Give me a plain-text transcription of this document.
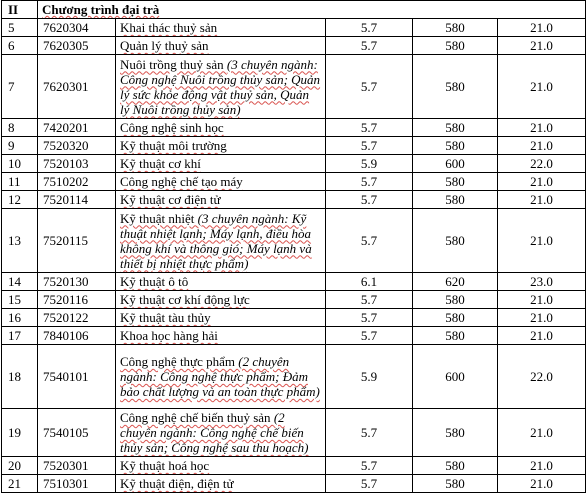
II	Chương trình đại trà				
5	7620304	Khai thác thuỷ sản	5.7	580	21.0
6	7620305	Quản lý thuỷ sản	5.7	580	21.0
7	7620301	Nuôi trồng thuỷ sản (3 chuyên ngành: Công nghệ Nuôi trồng thủy sản; Quản lý sức khỏe động vật thuỷ sản, Quản lý Nuôi trồng thủy sản)	5.7	580	21.0
8	7420201	Công nghệ sinh học	5.7	580	21.0
9	7520320	Kỹ thuật môi trường	5.7	580	21.0
10	7520103	Kỹ thuật cơ khí	5.9	600	22.0
11	7510202	Công nghệ chế tạo máy	5.7	580	21.0
12	7520114	Kỹ thuật cơ điện tử	5.7	580	21.0
13	7520115	Kỹ thuật nhiệt (3 chuyên ngành: Kỹ thuật nhiệt lạnh; Máy lạnh, điều hòa không khí và thông gió; Máy lạnh và thiết bị nhiệt thực phẩm)	5.7	580	21.0
14	7520130	Kỹ thuật ô tô	6.1	620	23.0
15	7520116	Kỹ thuật cơ khí động lực	5.7	580	21.0
16	7520122	Kỹ thuật tàu thủy	5.7	580	21.0
17	7840106	Khoa học hàng hải	5.7	580	21.0
18	7540101	Công nghệ thực phẩm (2 chuyên ngành: Công nghệ thực phẩm; Đảm bảo chất lượng và an toàn thực phẩm)	5.9	600	22.0
19	7540105	Công nghệ chế biến thuỷ sản (2 chuyên ngành: Công nghệ chế biến thủy sản; Công nghệ sau thu hoạch)	5.7	580	21.0
20	7520301	Kỹ thuật hoá học	5.7	580	21.0
21	7510301	Kỹ thuật điện, điện tử	5.7	580	21.0
